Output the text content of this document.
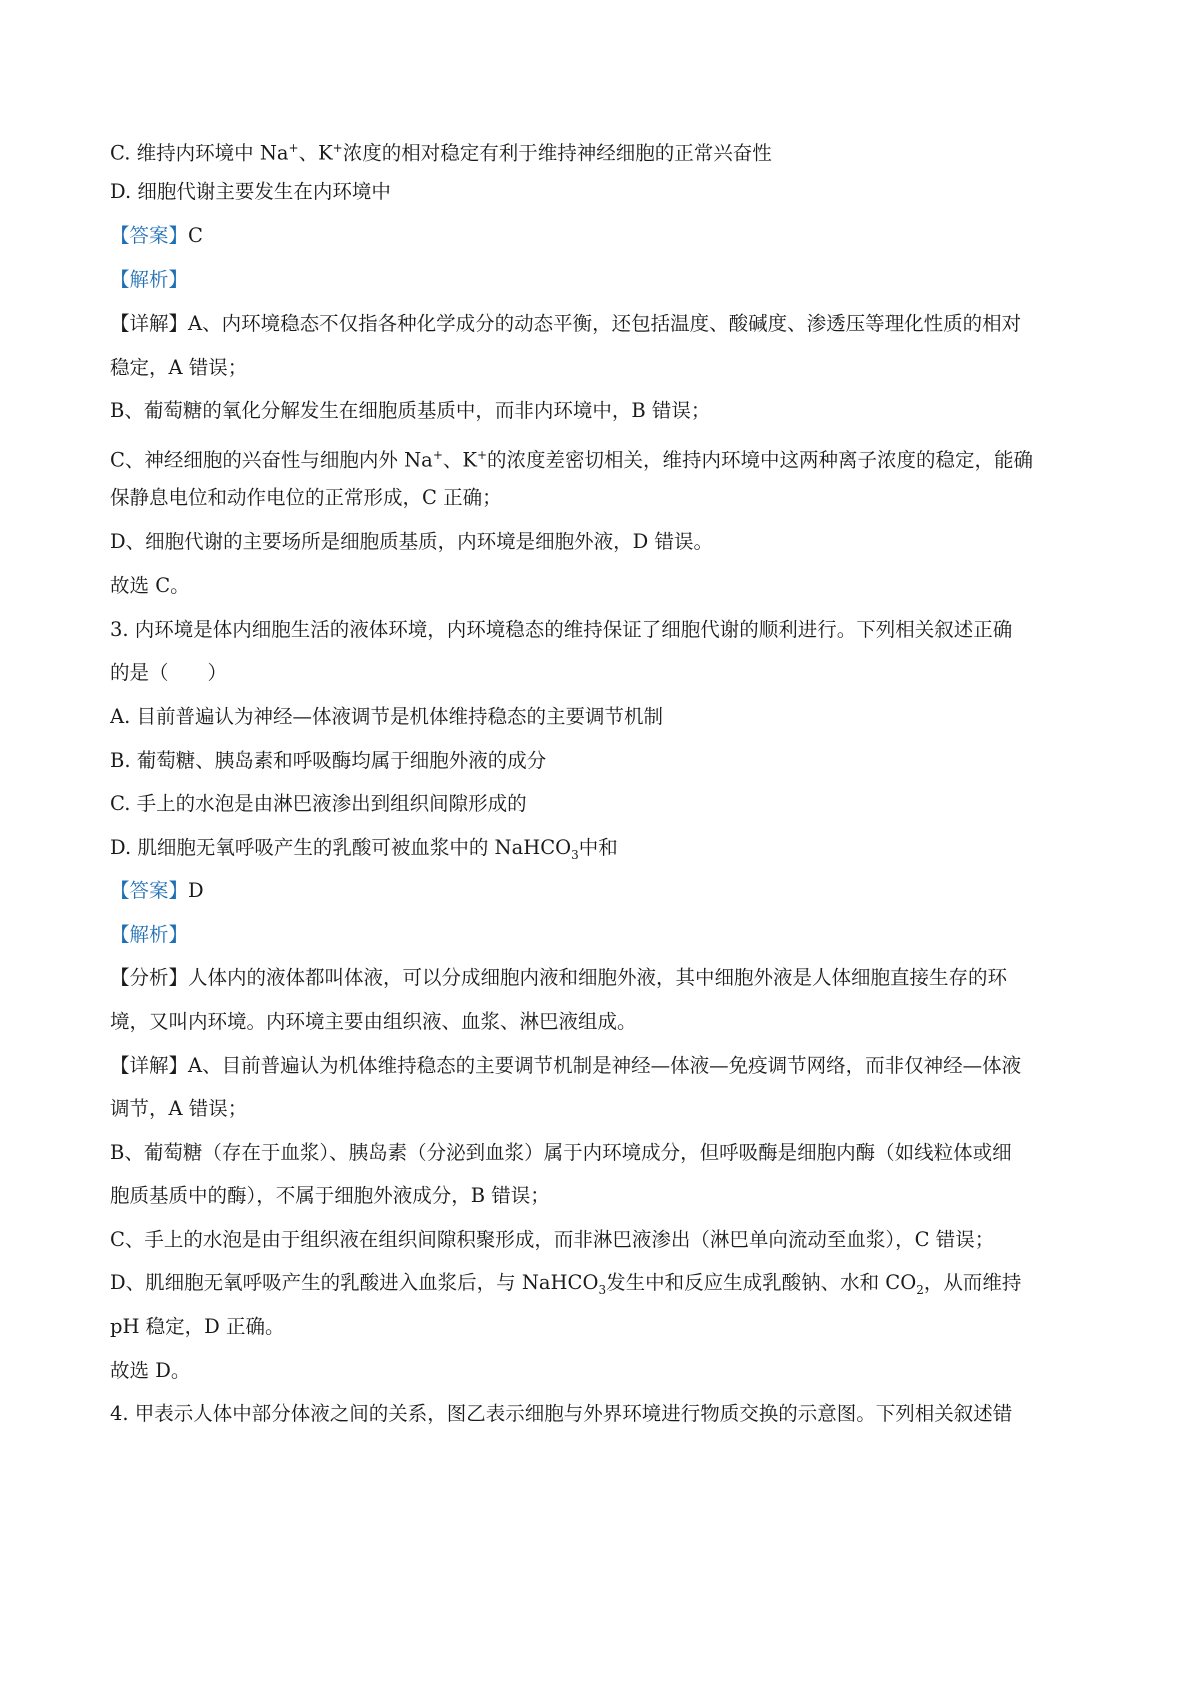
C. 维持内环境中 Na+、K+浓度的相对稳定有利于维持神经细胞的正常兴奋性
D. 细胞代谢主要发生在内环境中
【答案】C
【解析】
【详解】A、内环境稳态不仅指各种化学成分的动态平衡，还包括温度、酸碱度、渗透压等理化性质的相对
稳定，A 错误；
B、葡萄糖的氧化分解发生在细胞质基质中，而非内环境中，B 错误；
C、神经细胞的兴奋性与细胞内外 Na+、K+的浓度差密切相关，维持内环境中这两种离子浓度的稳定，能确
保静息电位和动作电位的正常形成，C 正确；
D、细胞代谢的主要场所是细胞质基质，内环境是细胞外液，D 错误。
故选 C。
3. 内环境是体内细胞生活的液体环境，内环境稳态的维持保证了细胞代谢的顺利进行。下列相关叙述正确
的是（　　）
A. 目前普遍认为神经—体液调节是机体维持稳态的主要调节机制
B. 葡萄糖、胰岛素和呼吸酶均属于细胞外液的成分
C. 手上的水泡是由淋巴液渗出到组织间隙形成的
D. 肌细胞无氧呼吸产生的乳酸可被血浆中的 NaHCO$_3$中和
【答案】D
【解析】
【分析】人体内的液体都叫体液，可以分成细胞内液和细胞外液，其中细胞外液是人体细胞直接生存的环
境，又叫内环境。内环境主要由组织液、血浆、淋巴液组成。
【详解】A、目前普遍认为机体维持稳态的主要调节机制是神经—体液—免疫调节网络，而非仅神经—体液
调节，A 错误；
B、葡萄糖（存在于血浆）、胰岛素（分泌到血浆）属于内环境成分，但呼吸酶是细胞内酶（如线粒体或细
胞质基质中的酶），不属于细胞外液成分，B 错误；
C、手上的水泡是由于组织液在组织间隙积聚形成，而非淋巴液渗出（淋巴单向流动至血浆），C 错误；
D、肌细胞无氧呼吸产生的乳酸进入血浆后，与 NaHCO$_3$发生中和反应生成乳酸钠、水和 $CO_2$，从而维持
pH 稳定，D 正确。
故选 D。
4. 甲表示人体中部分体液之间的关系，图乙表示细胞与外界环境进行物质交换的示意图。下列相关叙述错
